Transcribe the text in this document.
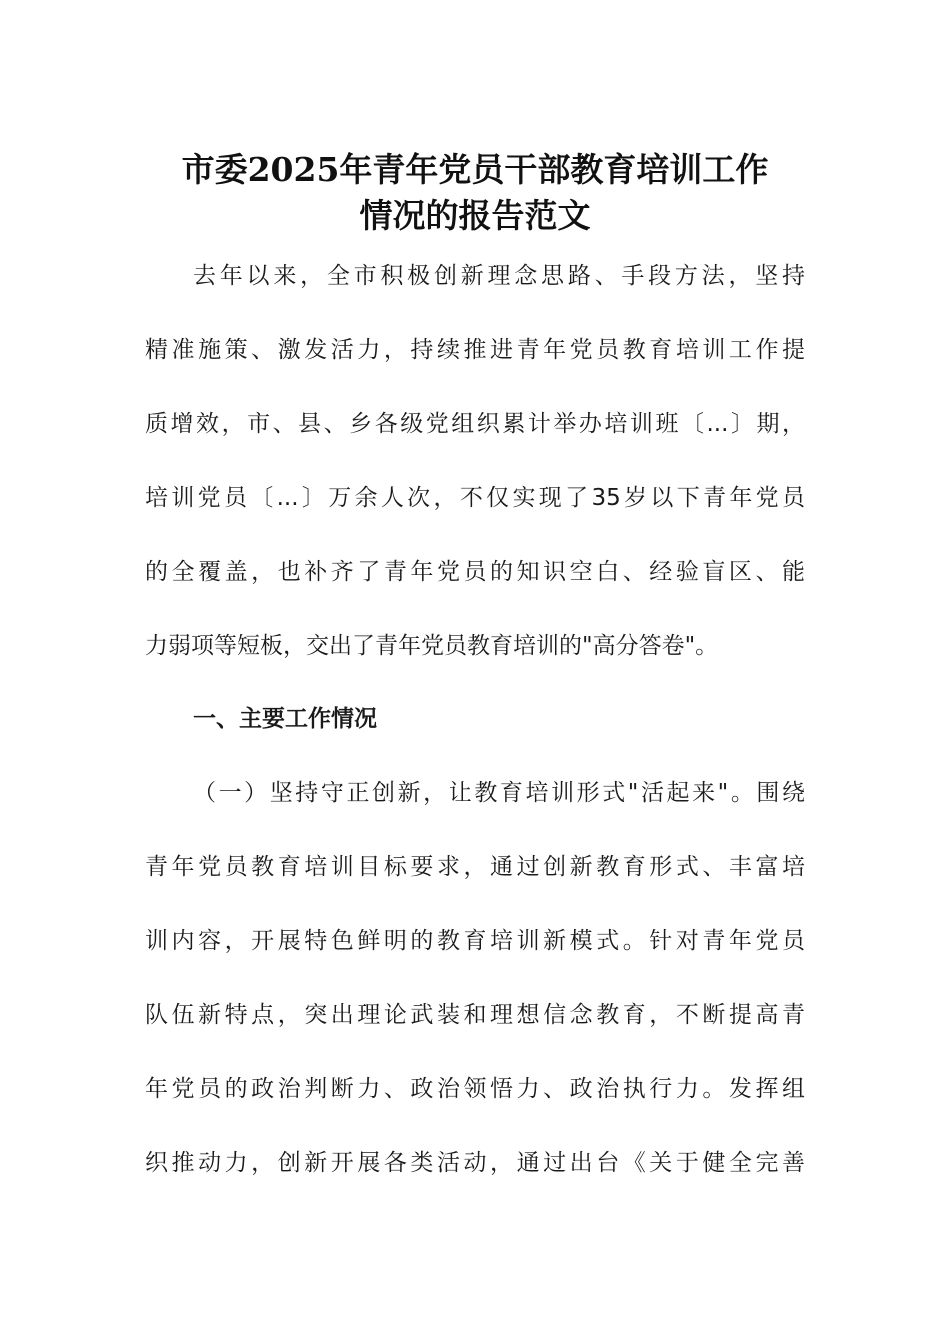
市委2025年青年党员干部教育培训工作
情况的报告范文
去年以来，全市积极创新理念思路、手段方法，坚持
精准施策、激发活力，持续推进青年党员教育培训工作提
质增效，市、县、乡各级党组织累计举办培训班〔...〕期，
培训党员〔...〕万余人次，不仅实现了35岁以下青年党员
的全覆盖，也补齐了青年党员的知识空白、经验盲区、能
力弱项等短板，交出了青年党员教育培训的"高分答卷"。
一、主要工作情况
（一）坚持守正创新，让教育培训形式"活起来"。围绕
青年党员教育培训目标要求，通过创新教育形式、丰富培
训内容，开展特色鲜明的教育培训新模式。针对青年党员
队伍新特点，突出理论武装和理想信念教育，不断提高青
年党员的政治判断力、政治领悟力、政治执行力。发挥组
织推动力，创新开展各类活动，通过出台《关于健全完善
